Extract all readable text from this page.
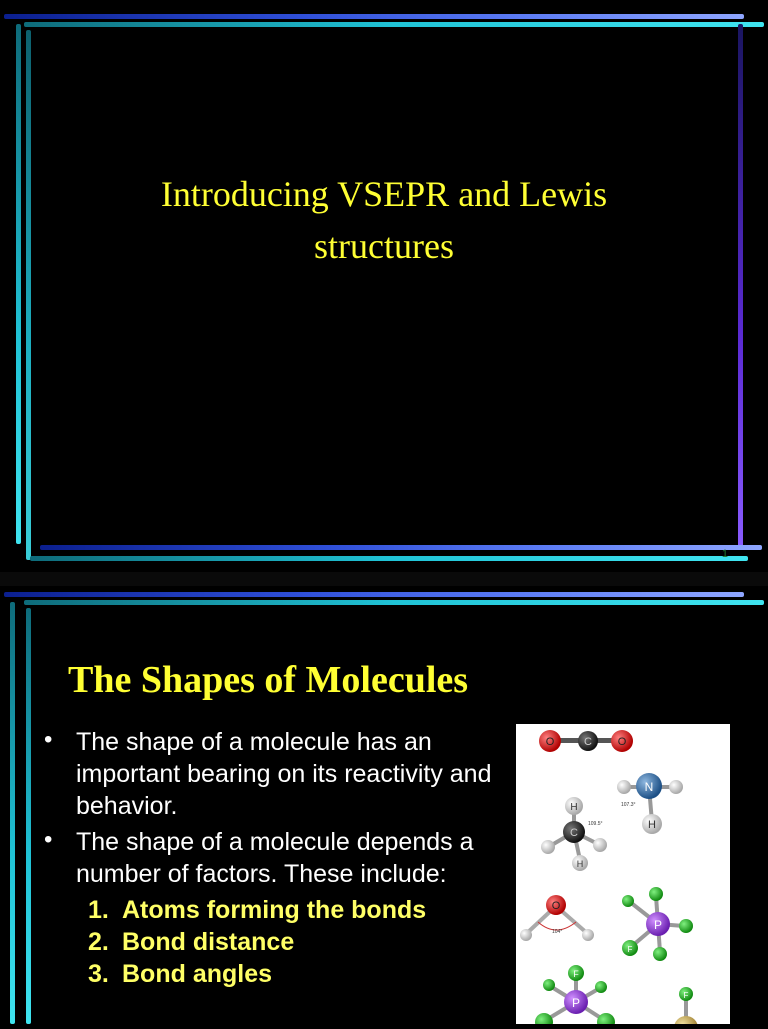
Introducing VSEPR and Lewis
structures
1
The Shapes of Molecules
• The shape of a molecule has an important bearing on its reactivity and behavior.
• The shape of a molecule depends a number of factors. These include:
1. Atoms forming the bonds
2. Bond distance
3. Bond angles
O	C O
N
H
107.3°
C
H
H
109.5°
O
104°	P
F
P
F
F
